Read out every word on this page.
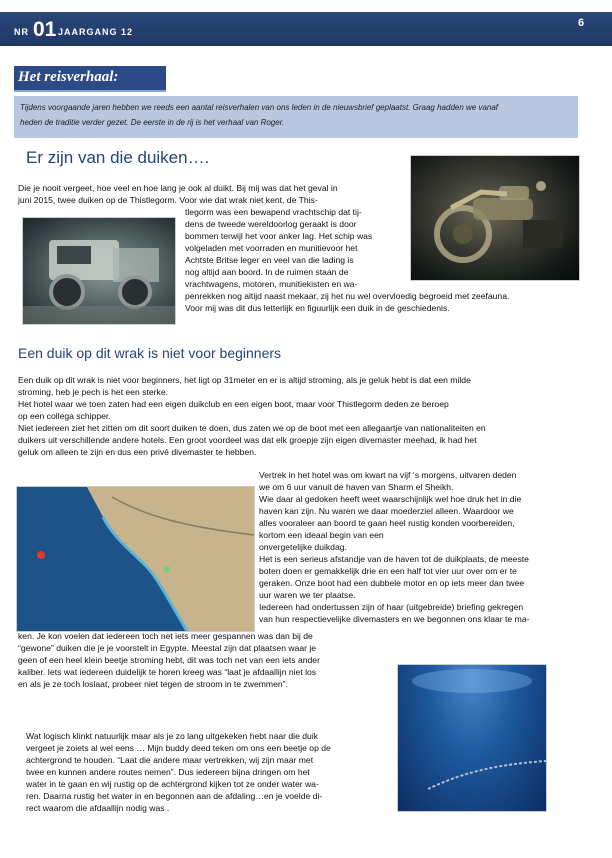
NR 01 JAARGANG 12
6
Het reisverhaal:
Tijdens voorgaande jaren hebben we reeds een aantal reisverhalen van ons leden in de nieuwsbrief geplaatst. Graag hadden we vanaf
heden de traditie verder gezet. De eerste in de rij is het verhaal van Roger.
Er zijn van die duiken….
Die je nooit vergeet, hoe veel en hoe lang je ook al duikt. Bij mij was dat het geval in
juni 2015, twee duiken op de Thistlegorm. Voor wie dat wrak niet kent, de This-
tlegorm was een bewapend vrachtschip dat tij-
dens de tweede wereldoorlog geraakt is door
bommen terwijl het voor anker lag. Het schip was
volgeladen met voorraden en munitievoor het
Achtste Britse leger en veel van die lading is
nog altijd aan boord. In de ruimen staan de
vrachtwagens, motoren, munitiekisten en wa-
penrekken nog altijd naast mekaar, zij het nu wel overvloedig begroeid met zeefauna.
Voor mij was dit dus letterlijk en figuurlijk een duik in de geschiedenis.
Een duik op dit wrak is niet voor beginners
Een duik op dit wrak is niet voor beginners, het ligt op 31meter en er is altijd stroming, als je geluk hebt is dat een milde
stroming, heb je pech is het een sterke.
Het hotel waar we toen zaten had een eigen duikclub en een eigen boot, maar voor Thistlegorm deden ze beroep
op een collega schipper.
Niet iedereen ziet het zitten om dit soort duiken te doen, dus zaten we op de boot met een allegaartje van nationaliteiten en
duikers uit verschillende andere hotels. Een groot voordeel was dat elk groepje zijn eigen divemaster meehad, ik had het
geluk om alleen te zijn en dus een privé divemaster te hebben.
Vertrek in het hotel was om kwart na vijf ‘s morgens, uitvaren deden
we om 6 uur vanuit de haven van Sharm el Sheikh.
Wie daar al gedoken heeft weet waarschijnlijk wel hoe druk het in die
haven kan zijn. Nu waren we daar moederziel alleen. Waardoor we
alles vooraleer aan boord te gaan heel rustig konden voorbereiden,
kortom een ideaal begin van een
onvergetelijke duikdag.
Het is een serieus afstandje van de haven tot de duikplaats, de meeste
boten doen er gemakkelijk drie en een half tot vier uur over om er te
geraken. Onze boot had een dubbele motor en op iets meer dan twee
uur waren we ter plaatse.
Iedereen had ondertussen zijn of haar (uitgebreide) briefing gekregen
van hun respectievelijke divemasters en we begonnen ons klaar te ma-
ken. Je kon voelen dat iedereen toch net iets meer gespannen was dan bij de
“gewone” duiken die je je voorstelt in Egypte. Meestal zijn dat plaatsen waar je
geen of een heel klein beetje stroming hebt, dit was toch net van een iets ander
kaliber. Iets wat iedereen duidelijk te horen kreeg was “laat je afdaallijn niet los
en als je ze toch loslaat, probeer niet tegen de stroom in te zwemmen”.
Wat logisch klinkt natuurlijk maar als je zo lang uitgekeken hebt naar die duik
vergeet je zoiets al wel eens … Mijn buddy deed teken om ons een beetje op de
achtergrond te houden. “Laat die andere maar vertrekken, wij zijn maar met
twee en kunnen andere routes nemen”. Dus iedereen bijna dringen om het
water in te gaan en wij rustig op de achtergrond kijken tot ze onder water wa-
ren. Daarna rustig het water in en begonnen aan de afdaling…en je voelde di-
rect waarom die afdaallijn nodig was .
